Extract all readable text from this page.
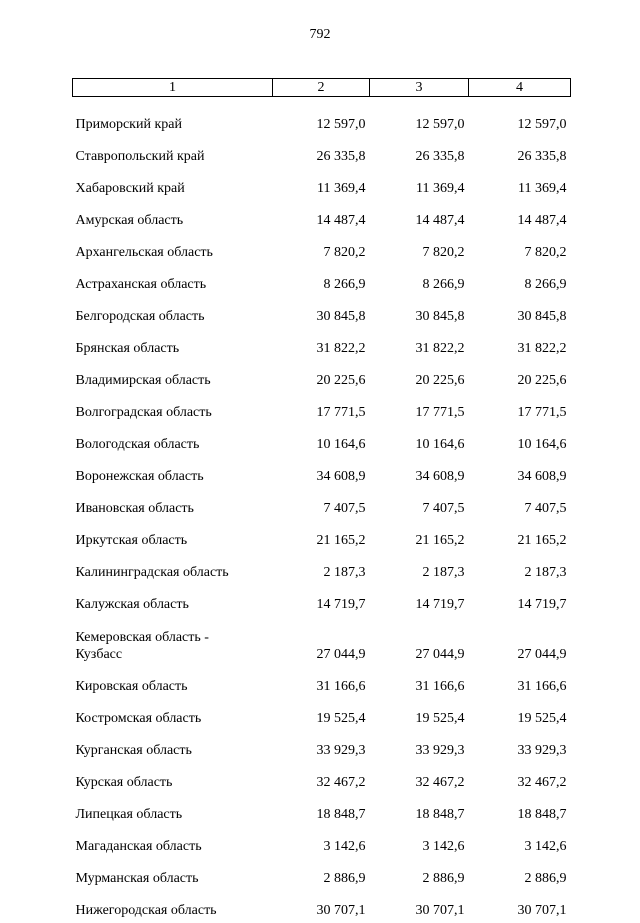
792
1	2	3	4
Приморский край	12 597,0	12 597,0	12 597,0
Ставропольский край	26 335,8	26 335,8	26 335,8
Хабаровский край	11 369,4	11 369,4	11 369,4
Амурская область	14 487,4	14 487,4	14 487,4
Архангельская область	7 820,2	7 820,2	7 820,2
Астраханская область	8 266,9	8 266,9	8 266,9
Белгородская область	30 845,8	30 845,8	30 845,8
Брянская область	31 822,2	31 822,2	31 822,2
Владимирская область	20 225,6	20 225,6	20 225,6
Волгоградская область	17 771,5	17 771,5	17 771,5
Вологодская область	10 164,6	10 164,6	10 164,6
Воронежская область	34 608,9	34 608,9	34 608,9
Ивановская область	7 407,5	7 407,5	7 407,5
Иркутская область	21 165,2	21 165,2	21 165,2
Калининградская область	2 187,3	2 187,3	2 187,3
Калужская область	14 719,7	14 719,7	14 719,7

Кемеровская область -
Кузбасс	27 044,9	27 044,9	27 044,9
Кировская область	31 166,6	31 166,6	31 166,6
Костромская область	19 525,4	19 525,4	19 525,4
Курганская область	33 929,3	33 929,3	33 929,3
Курская область	32 467,2	32 467,2	32 467,2
Липецкая область	18 848,7	18 848,7	18 848,7
Магаданская область	3 142,6	3 142,6	3 142,6
Мурманская область	2 886,9	2 886,9	2 886,9
Нижегородская область	30 707,1	30 707,1	30 707,1
